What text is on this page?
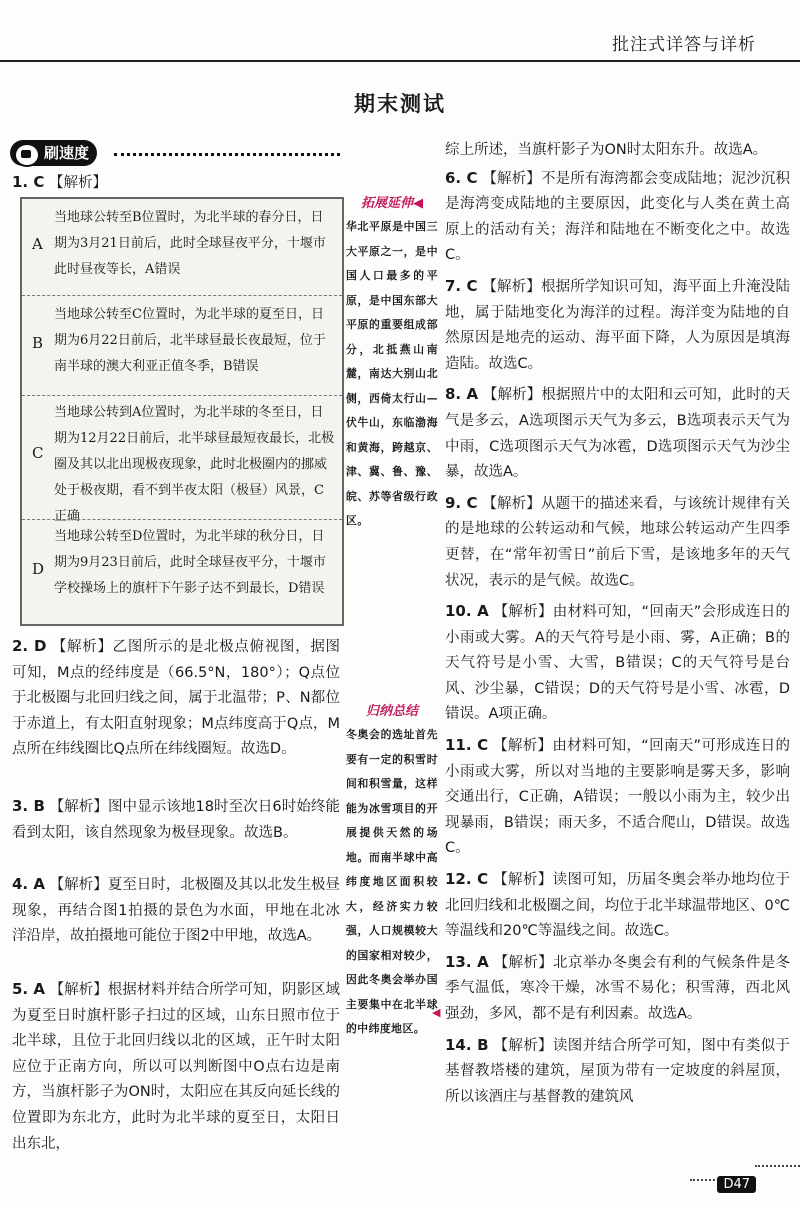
批注式详答与详析
期末测试
刷速度
1. C 【解析】
A
当地球公转至B位置时，为北半球的春分日，日期为3月21日前后，此时全球昼夜平分，十堰市此时昼夜等长，A错误
B
当地球公转至C位置时，为北半球的夏至日，日期为6月22日前后，北半球昼最长夜最短，位于南半球的澳大利亚正值冬季，B错误
C
当地球公转到A位置时，为北半球的冬至日，日期为12月22日前后，北半球昼最短夜最长，北极圈及其以北出现极夜现象，此时北极圈内的挪威处于极夜期，看不到半夜太阳（极昼）风景，C正确
D
当地球公转至D位置时，为北半球的秋分日，日期为9月23日前后，此时全球昼夜平分，十堰市学校操场上的旗杆下午影子达不到最长，D错误
2. D 【解析】乙图所示的是北极点俯视图，据图可知，M点的经纬度是（66.5°N，180°）；Q点位于北极圈与北回归线之间，属于北温带；P、N都位于赤道上，有太阳直射现象；M点纬度高于Q点，M点所在纬线圈比Q点所在纬线圈短。故选D。
3. B 【解析】图中显示该地18时至次日6时始终能看到太阳，该自然现象为极昼现象。故选B。
4. A 【解析】夏至日时，北极圈及其以北发生极昼现象，再结合图1拍摄的景色为水面，甲地在北冰洋沿岸，故拍摄地可能位于图2中甲地，故选A。
5. A 【解析】根据材料并结合所学可知，阴影区域为夏至日时旗杆影子扫过的区域，山东日照市位于北半球，且位于北回归线以北的区域，正午时太阳应位于正南方向，所以可以判断图中O点右边是南方，当旗杆影子为ON时，太阳应在其反向延长线的位置即为东北方，此时为北半球的夏至日，太阳日出东北，
拓展延伸◀
华北平原是中国三大平原之一，是中国人口最多的平原，是中国东部大平原的重要组成部分，北抵燕山南麓，南达大别山北侧，西倚太行山—伏牛山，东临渤海和黄海，跨越京、津、冀、鲁、豫、皖、苏等省级行政区。
归纳总结
冬奥会的选址首先要有一定的积雪时间和积雪量，这样能为冰雪项目的开展提供天然的场地。而南半球中高纬度地区面积较大，经济实力较强，人口规模较大的国家相对较少，因此冬奥会举办国主要集中在北半球的中纬度地区。
◀
综上所述，当旗杆影子为ON时太阳东升。故选A。
6. C 【解析】不是所有海湾都会变成陆地；泥沙沉积是海湾变成陆地的主要原因，此变化与人类在黄土高原上的活动有关；海洋和陆地在不断变化之中。故选C。
7. C 【解析】根据所学知识可知，海平面上升淹没陆地，属于陆地变化为海洋的过程。海洋变为陆地的自然原因是地壳的运动、海平面下降，人为原因是填海造陆。故选C。
8. A 【解析】根据照片中的太阳和云可知，此时的天气是多云，A选项图示天气为多云，B选项表示天气为中雨，C选项图示天气为冰雹，D选项图示天气为沙尘暴，故选A。
9. C 【解析】从题干的描述来看，与该统计规律有关的是地球的公转运动和气候，地球公转运动产生四季更替，在“常年初雪日”前后下雪，是该地多年的天气状况，表示的是气候。故选C。
10. A 【解析】由材料可知，“回南天”会形成连日的小雨或大雾。A的天气符号是小雨、雾，A正确；B的天气符号是小雪、大雪，B错误；C的天气符号是台风、沙尘暴，C错误；D的天气符号是小雪、冰雹，D错误。A项正确。
11. C 【解析】由材料可知，“回南天”可形成连日的小雨或大雾，所以对当地的主要影响是雾天多，影响交通出行，C正确，A错误；一般以小雨为主，较少出现暴雨，B错误；雨天多，不适合爬山，D错误。故选C。
12. C 【解析】读图可知，历届冬奥会举办地均位于北回归线和北极圈之间，均位于北半球温带地区、0℃等温线和20℃等温线之间。故选C。
13. A 【解析】北京举办冬奥会有利的气候条件是冬季气温低，寒冷干燥，冰雪不易化；积雪薄，西北风强劲，多风，都不是有利因素。故选A。
14. B 【解析】读图并结合所学可知，图中有类似于基督教塔楼的建筑，屋顶为带有一定坡度的斜屋顶，所以该酒庄与基督教的建筑风
D47
